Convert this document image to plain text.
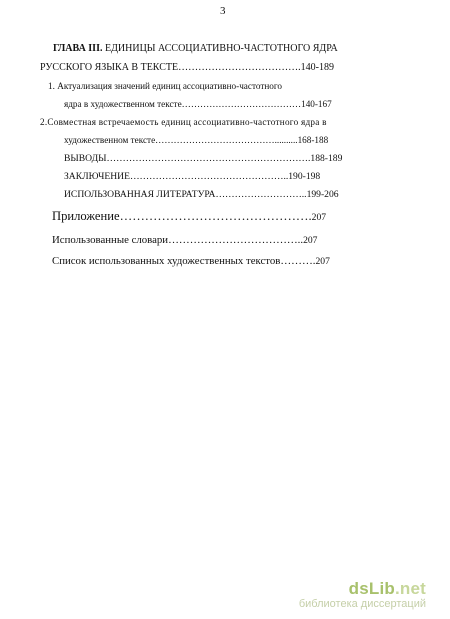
3
ГЛАВА III. ЕДИНИЦЫ АССОЦИАТИВНО-ЧАСТОТНОГО ЯДРА
РУССКОГО ЯЗЫКА В ТЕКСТЕ……………………………….140-189
1. Актуализация значений единиц ассоциативно-частотного
ядра в художественном тексте…………………………………140-167
2.Совместная встречаемость единиц ассоциативно-частотного ядра в
художественном тексте…………………………………..........168-188
ВЫВОДЫ……………………………………………………….188-189
ЗАКЛЮЧЕНИЕ…………………………………………..190-198
ИСПОЛЬЗОВАННАЯ ЛИТЕРАТУРА………………………..199-206
Приложение……………………………………….207
Использованные словари………………………………..207
Список использованных художественных текстов……….207
dsLib.net
библиотека диссертаций
